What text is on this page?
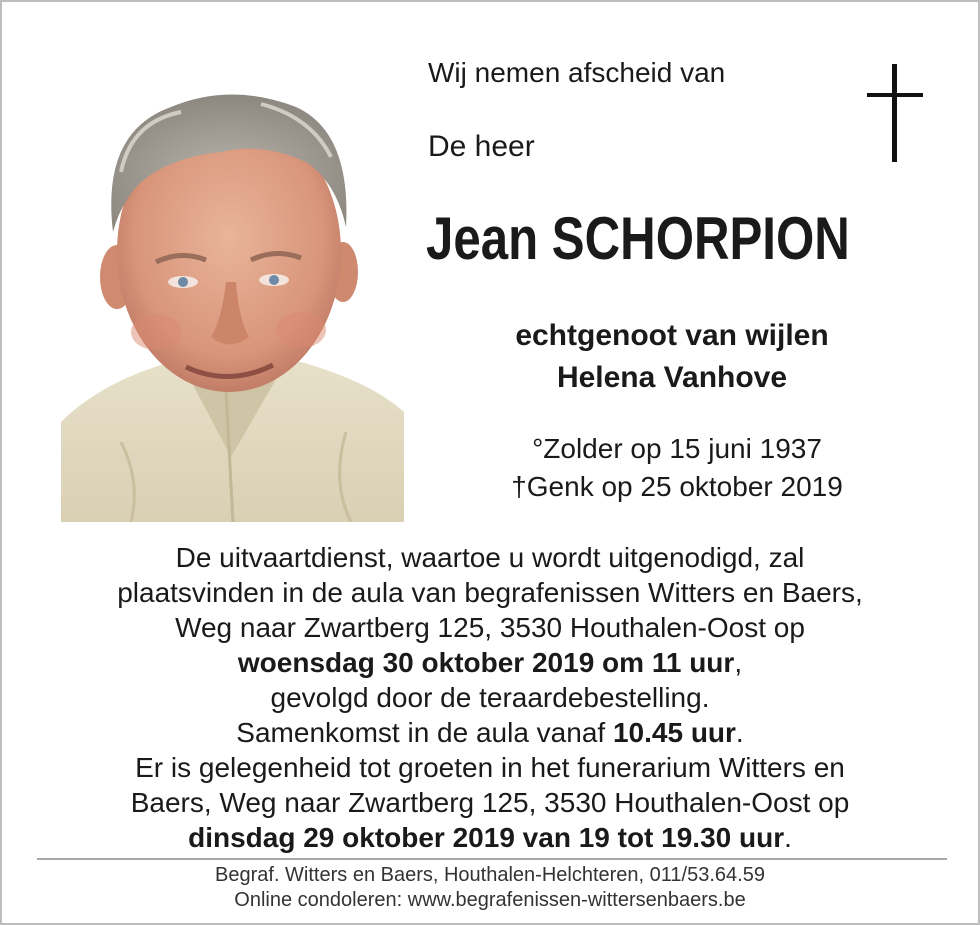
Wij nemen afscheid van
De heer
Jean SCHORPION
echtgenoot van wijlen
Helena Vanhove
°Zolder op 15 juni 1937
†Genk op 25 oktober 2019
De uitvaartdienst, waartoe u wordt uitgenodigd, zal
plaatsvinden in de aula van begrafenissen Witters en Baers,
Weg naar Zwartberg 125, 3530 Houthalen-Oost op
woensdag 30 oktober 2019 om 11 uur,
gevolgd door de teraardebestelling.
Samenkomst in de aula vanaf 10.45 uur.
Er is gelegenheid tot groeten in het funerarium Witters en
Baers, Weg naar Zwartberg 125, 3530 Houthalen-Oost op
dinsdag 29 oktober 2019 van 19 tot 19.30 uur.
Begraf. Witters en Baers, Houthalen-Helchteren, 011/53.64.59
Online condoleren: www.begrafenissen-wittersenbaers.be
